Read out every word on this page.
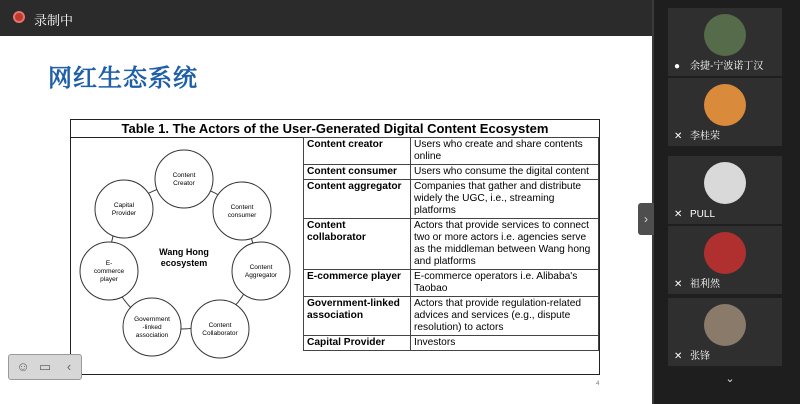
录制中
网红生态系统
Table 1. The Actors of the User-Generated Digital Content Ecosystem
Wang Hong ecosystem
Content Creator
Content consumer
Content Aggregator
Content Collaborator
Government -linked association
E-commerce player
Capital Provider
Content creator	Users who create and share contents online
Content consumer	Users who consume the digital content
Content aggregator	Companies that gather and distribute widely the UGC, i.e., streaming platforms
Content collaborator	Actors that provide services to connect two or more actors i.e. agencies serve as the middleman between Wang hong and platforms
E-commerce player	E-commerce operators i.e. Alibaba's Taobao
Government-linked association	Actors that provide regulation-related advices and services (e.g., dispute resolution) to actors
Capital Provider	Investors
4
☺ ▭	‹
›
● 余捷-宁波诺丁汉
✕ 李桂荣
✕ PULL
✕ 祖利然
✕ 张锋
⌄
